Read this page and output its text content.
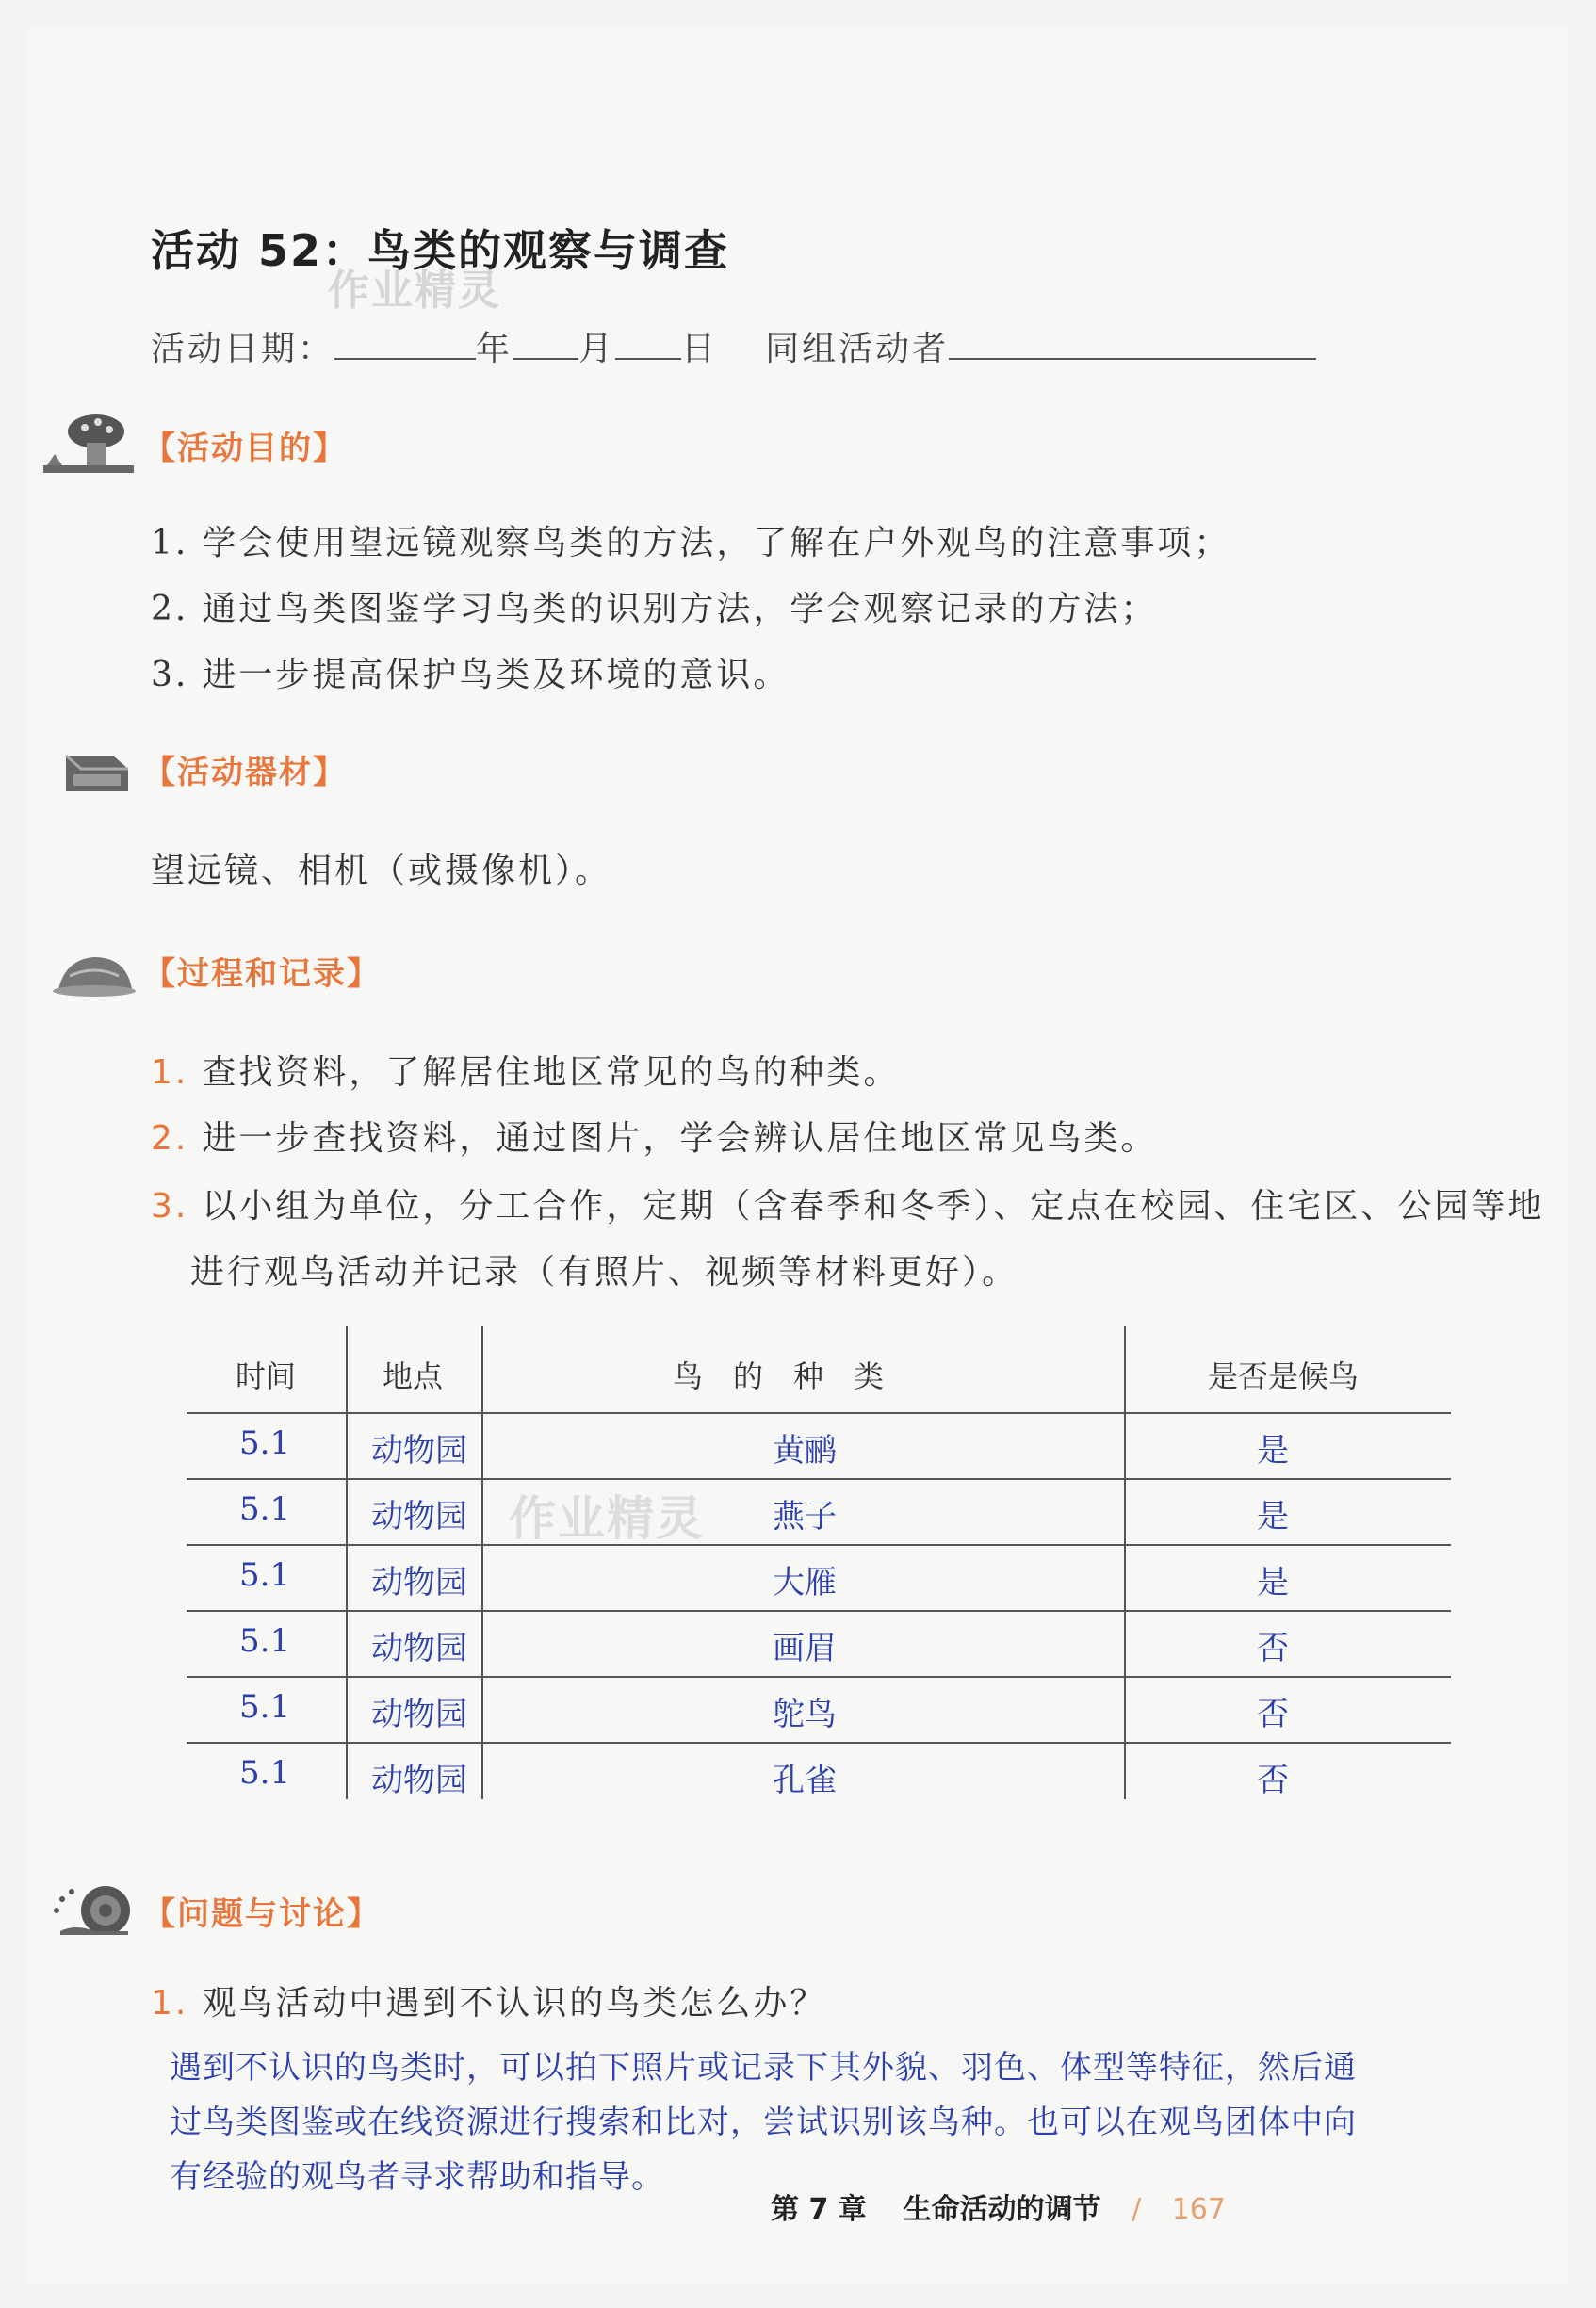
活动 52：鸟类的观察与调查
作业精灵
活动日期：	年 月 日 同组活动者
【活动目的】
1. 学会使用望远镜观察鸟类的方法，了解在户外观鸟的注意事项；
2. 通过鸟类图鉴学习鸟类的识别方法，学会观察记录的方法；
3. 进一步提高保护鸟类及环境的意识。
【活动器材】
望远镜、相机（或摄像机）。
【过程和记录】
1. 查找资料，了解居住地区常见的鸟的种类。
2. 进一步查找资料，通过图片，学会辨认居住地区常见鸟类。
3. 以小组为单位，分工合作，定期（含春季和冬季）、定点在校园、住宅区、公园等地
进行观鸟活动并记录（有照片、视频等材料更好）。
时间	地点	鸟　的　种　类	是否是候鸟
5.1	动物园	黄鹂	是
5.1	动物园	燕子	是
5.1	动物园	大雁	是
5.1	动物园	画眉	否
5.1	动物园	鸵鸟	否
5.1	动物园	孔雀	否
作业精灵
【问题与讨论】
1. 观鸟活动中遇到不认识的鸟类怎么办？
遇到不认识的鸟类时，可以拍下照片或记录下其外貌、羽色、体型等特征，然后通
过鸟类图鉴或在线资源进行搜索和比对，尝试识别该鸟种。也可以在观鸟团体中向
有经验的观鸟者寻求帮助和指导。
第 7 章 生命活动的调节 / 167
